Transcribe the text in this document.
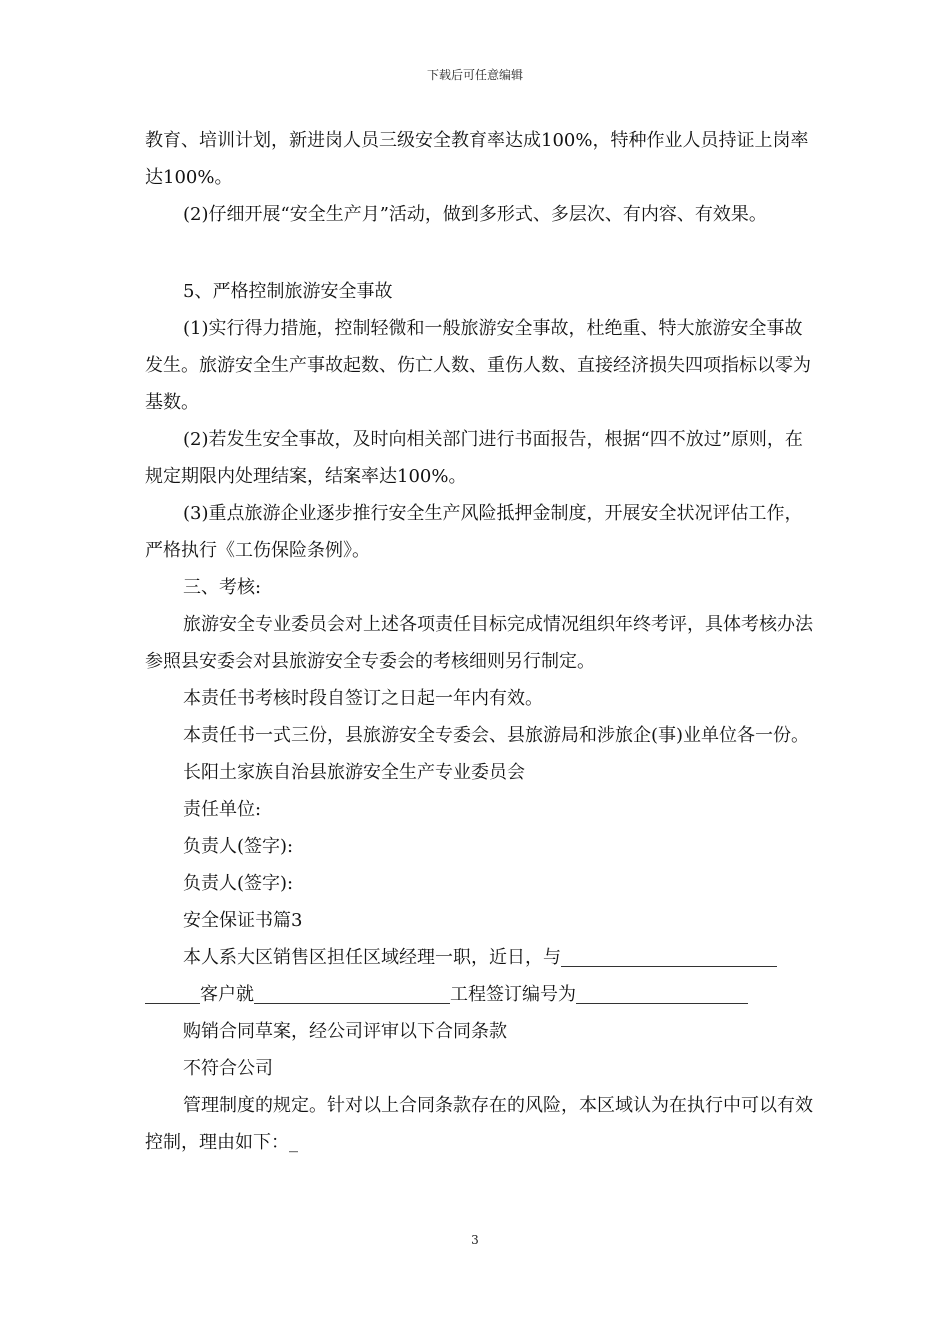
下载后可任意编辑

教育、培训计划，新进岗人员三级安全教育率达成100%，特种作业人员持证上岗率达100%。

(2)仔细开展“安全生产月”活动，做到多形式、多层次、有内容、有效果。

5、严格控制旅游安全事故

(1)实行得力措施，控制轻微和一般旅游安全事故，杜绝重、特大旅游安全事故发生。旅游安全生产事故起数、伤亡人数、重伤人数、直接经济损失四项指标以零为基数。

(2)若发生安全事故，及时向相关部门进行书面报告，根据“四不放过”原则，在规定期限内处理结案，结案率达100%。

(3)重点旅游企业逐步推行安全生产风险抵押金制度，开展安全状况评估工作，严格执行《工伤保险条例》。

三、考核:

旅游安全专业委员会对上述各项责任目标完成情况组织年终考评，具体考核办法参照县安委会对县旅游安全专委会的考核细则另行制定。

本责任书考核时段自签订之日起一年内有效。

本责任书一式三份，县旅游安全专委会、县旅游局和涉旅企(事)业单位各一份。

长阳土家族自治县旅游安全生产专业委员会

责任单位:

负责人(签字):

负责人(签字):

安全保证书篇3

本人系大区销售区担任区域经理一职，近日，与

客户就	工程签订编号为

购销合同草案，经公司评审以下合同条款

不符合公司

管理制度的规定。针对以上合同条款存在的风险，本区域认为在执行中可以有效控制，理由如下：_

3
